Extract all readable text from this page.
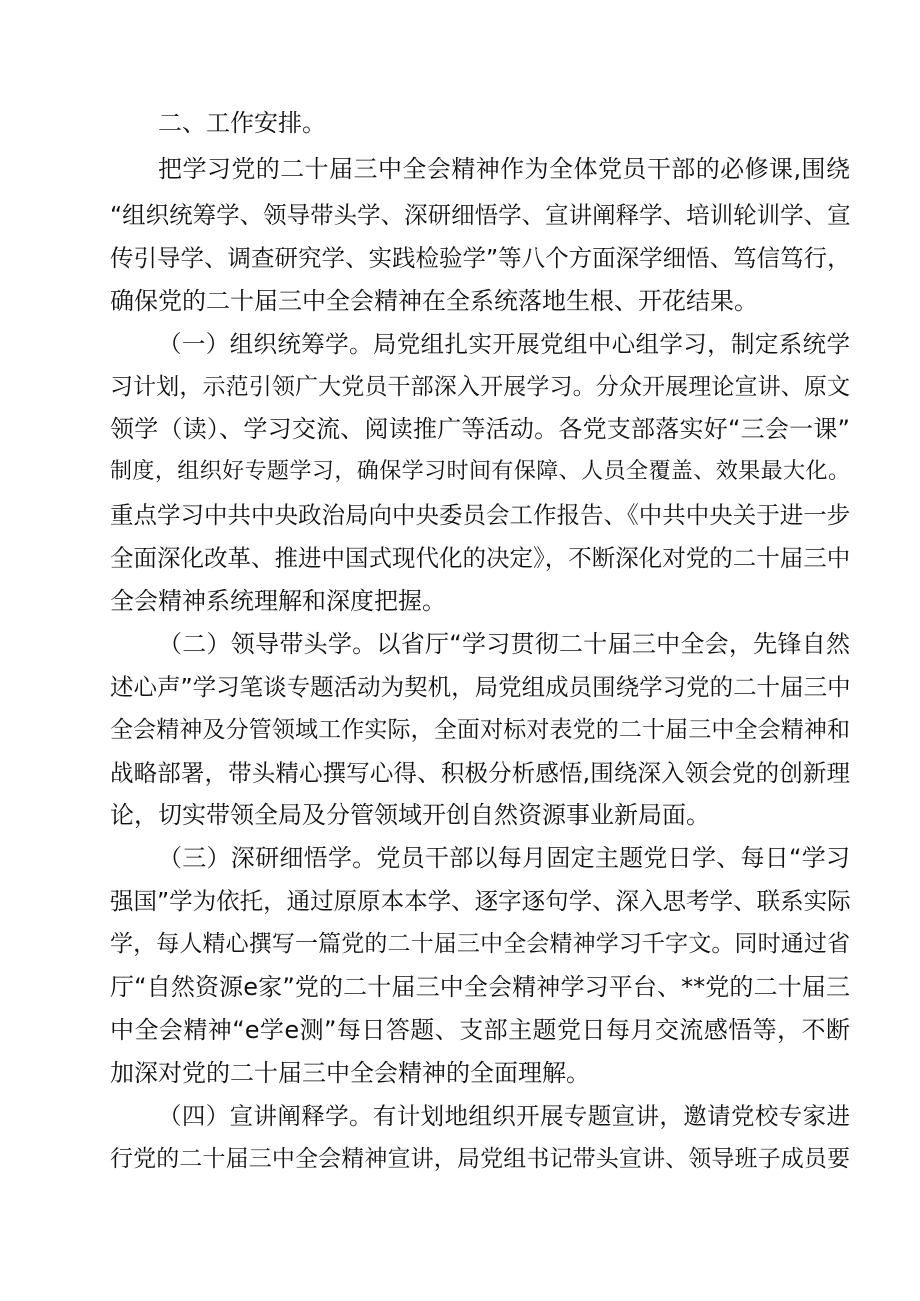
二、工作安排。
把学习党的二十届三中全会精神作为全体党员干部的必修课,围绕
“组织统筹学、领导带头学、深研细悟学、宣讲阐释学、培训轮训学、宣
传引导学、调查研究学、实践检验学”等八个方面深学细悟、笃信笃行，
确保党的二十届三中全会精神在全系统落地生根、开花结果。
（一）组织统筹学。局党组扎实开展党组中心组学习，制定系统学
习计划，示范引领广大党员干部深入开展学习。分众开展理论宣讲、原文
领学（读）、学习交流、阅读推广等活动。各党支部落实好“三会一课”
制度，组织好专题学习，确保学习时间有保障、人员全覆盖、效果最大化。
重点学习中共中央政治局向中央委员会工作报告、《中共中央关于进一步
全面深化改革、推进中国式现代化的决定》，不断深化对党的二十届三中
全会精神系统理解和深度把握。
（二）领导带头学。以省厅“学习贯彻二十届三中全会，先锋自然
述心声”学习笔谈专题活动为契机，局党组成员围绕学习党的二十届三中
全会精神及分管领域工作实际，全面对标对表党的二十届三中全会精神和
战略部署，带头精心撰写心得、积极分析感悟,围绕深入领会党的创新理
论，切实带领全局及分管领域开创自然资源事业新局面。
（三）深研细悟学。党员干部以每月固定主题党日学、每日“学习
强国”学为依托，通过原原本本学、逐字逐句学、深入思考学、联系实际
学，每人精心撰写一篇党的二十届三中全会精神学习千字文。同时通过省
厅“自然资源e家”党的二十届三中全会精神学习平台、**党的二十届三
中全会精神“e学e测”每日答题、支部主题党日每月交流感悟等，不断
加深对党的二十届三中全会精神的全面理解。
（四）宣讲阐释学。有计划地组织开展专题宣讲，邀请党校专家进
行党的二十届三中全会精神宣讲，局党组书记带头宣讲、领导班子成员要
